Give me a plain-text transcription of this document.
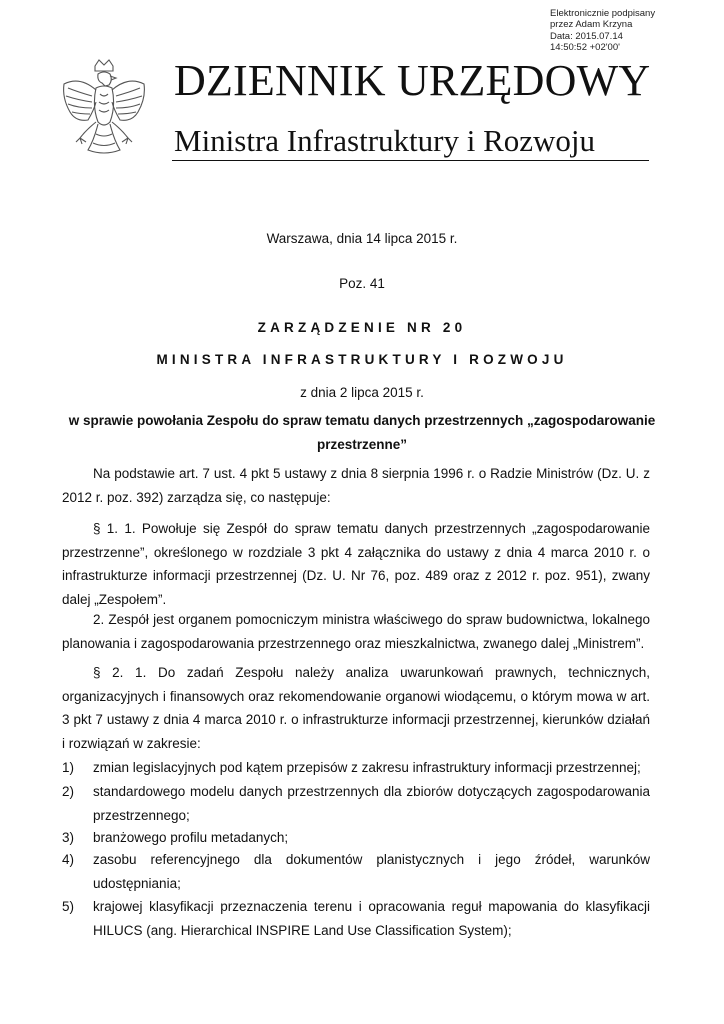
Elektronicznie podpisany
przez Adam Krzyna
Data: 2015.07.14
14:50:52 +02'00'
DZIENNIK URZĘDOWY
Ministra Infrastruktury i Rozwoju
Warszawa, dnia 14 lipca 2015 r.
Poz. 41
ZARZĄDZENIE NR 20
MINISTRA INFRASTRUKTURY I ROZWOJU
z dnia 2 lipca 2015 r.
w sprawie powołania Zespołu do spraw tematu danych przestrzennych „zagospodarowanie przestrzenne”
Na podstawie art. 7 ust. 4 pkt 5 ustawy z dnia 8 sierpnia 1996 r. o Radzie Ministrów (Dz. U. z 2012 r. poz. 392) zarządza się, co następuje:
§ 1. 1. Powołuje się Zespół do spraw tematu danych przestrzennych „zagospodarowanie przestrzenne”, określonego w rozdziale 3 pkt 4 załącznika do ustawy z dnia 4 marca 2010 r. o infrastrukturze informacji przestrzennej (Dz. U. Nr 76, poz. 489 oraz z 2012 r. poz. 951), zwany dalej „Zespołem”.
2. Zespół jest organem pomocniczym ministra właściwego do spraw budownictwa, lokalnego planowania i zagospodarowania przestrzennego oraz mieszkalnictwa, zwanego dalej „Ministrem”.
§ 2. 1. Do zadań Zespołu należy analiza uwarunkowań prawnych, technicznych, organizacyjnych i finansowych oraz rekomendowanie organowi wiodącemu, o którym mowa w art. 3 pkt 7 ustawy z dnia 4 marca 2010 r. o infrastrukturze informacji przestrzennej, kierunków działań i rozwiązań w zakresie:
1)	zmian legislacyjnych pod kątem przepisów z zakresu infrastruktury informacji przestrzennej;
2)	standardowego modelu danych przestrzennych dla zbiorów dotyczących zagospodarowania przestrzennego;
3)	branżowego profilu metadanych;
4)	zasobu referencyjnego dla dokumentów planistycznych i jego źródeł, warunków udostępniania;
5)	krajowej klasyfikacji przeznaczenia terenu i opracowania reguł mapowania do klasyfikacji HILUCS (ang. Hierarchical INSPIRE Land Use Classification System);
